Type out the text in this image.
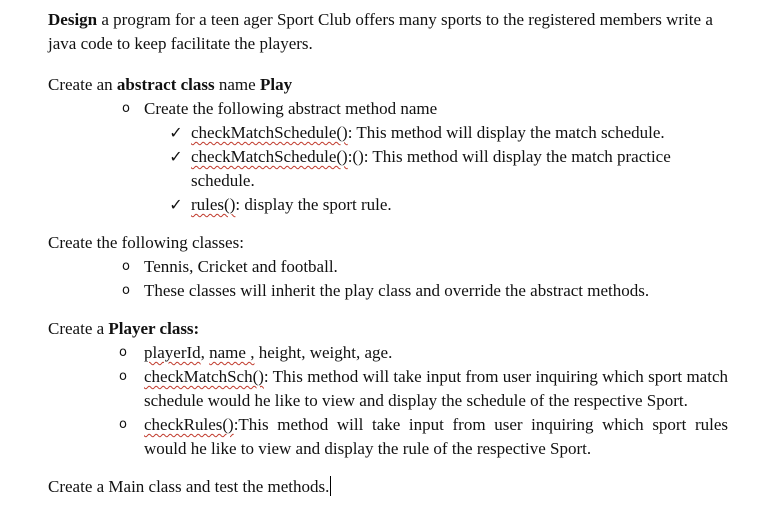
Design a program for a teen ager Sport Club offers many sports to the registered members write a java code to keep facilitate the players.

Create an abstract class name Play

o Create the following abstract method name
✓ checkMatchSchedule(): This method will display the match schedule.
✓ checkMatchSchedule():(): This method will display the match practice schedule.
✓ rules(): display the sport rule.

Create the following classes:

o Tennis, Cricket and football.
o These classes will inherit the play class and override the abstract methods.

Create a Player class:

o	playerId, name , height, weight, age.
o	checkMatchSch(): This method will take input from user inquiring which sport match schedule would he like to view and display the schedule of the respective Sport.
o	checkRules():This method will take input from user inquiring which sport rules would he like to view and display the rule of the respective Sport.

Create a Main class and test the methods.
